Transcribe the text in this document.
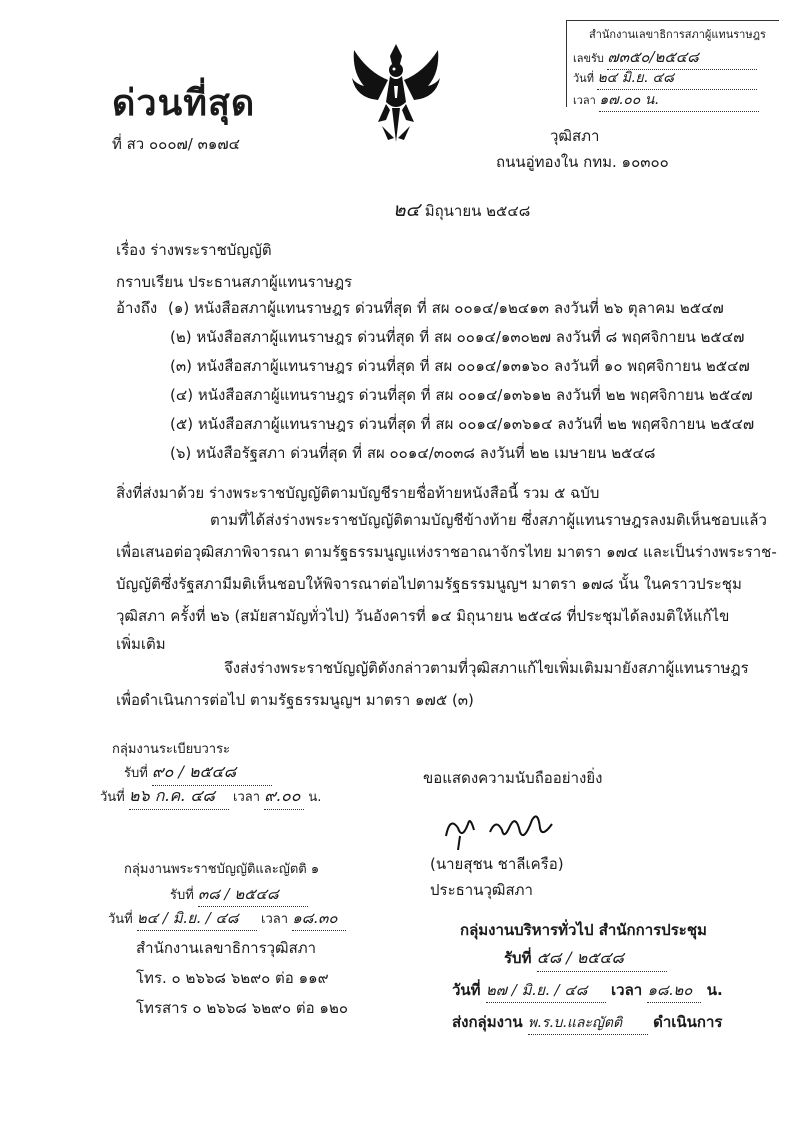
ด่วนที่สุด
ที่ สว ๐๐๐๗/ ๓๑๗๔
สำนักงานเลขาธิการสภาผู้แทนราษฎร
เลขรับ ๗๓๕๐/๒๕๔๘
วันที่ ๒๔ มิ.ย. ๔๘
เวลา ๑๗.๐๐ น.
วุฒิสภา
ถนนอู่ทองใน กทม. ๑๐๓๐๐
๒๔ มิถุนายน ๒๕๔๘
เรื่อง ร่างพระราชบัญญัติ
กราบเรียน ประธานสภาผู้แทนราษฎร
อ้างถึง (๑) หนังสือสภาผู้แทนราษฎร ด่วนที่สุด ที่ สผ ๐๐๑๔/๑๒๔๑๓ ลงวันที่ ๒๖ ตุลาคม ๒๕๔๗
(๒) หนังสือสภาผู้แทนราษฎร ด่วนที่สุด ที่ สผ ๐๐๑๔/๑๓๐๒๗ ลงวันที่ ๘ พฤศจิกายน ๒๕๔๗
(๓) หนังสือสภาผู้แทนราษฎร ด่วนที่สุด ที่ สผ ๐๐๑๔/๑๓๑๖๐ ลงวันที่ ๑๐ พฤศจิกายน ๒๕๔๗
(๔) หนังสือสภาผู้แทนราษฎร ด่วนที่สุด ที่ สผ ๐๐๑๔/๑๓๖๑๒ ลงวันที่ ๒๒ พฤศจิกายน ๒๕๔๗
(๕) หนังสือสภาผู้แทนราษฎร ด่วนที่สุด ที่ สผ ๐๐๑๔/๑๓๖๑๔ ลงวันที่ ๒๒ พฤศจิกายน ๒๕๔๗
(๖) หนังสือรัฐสภา ด่วนที่สุด ที่ สผ ๐๐๑๔/๓๐๓๘ ลงวันที่ ๒๒ เมษายน ๒๕๔๘
สิ่งที่ส่งมาด้วย ร่างพระราชบัญญัติตามบัญชีรายชื่อท้ายหนังสือนี้ รวม ๕ ฉบับ
ตามที่ได้ส่งร่างพระราชบัญญัติตามบัญชีข้างท้าย ซึ่งสภาผู้แทนราษฎรลงมติเห็นชอบแล้ว
เพื่อเสนอต่อวุฒิสภาพิจารณา ตามรัฐธรรมนูญแห่งราชอาณาจักรไทย มาตรา ๑๗๔ และเป็นร่างพระราช-
บัญญัติซึ่งรัฐสภามีมติเห็นชอบให้พิจารณาต่อไปตามรัฐธรรมนูญฯ มาตรา ๑๗๘ นั้น ในคราวประชุม
วุฒิสภา ครั้งที่ ๒๖ (สมัยสามัญทั่วไป) วันอังคารที่ ๑๔ มิถุนายน ๒๕๔๘ ที่ประชุมได้ลงมติให้แก้ไข
เพิ่มเติม
จึงส่งร่างพระราชบัญญัติดังกล่าวตามที่วุฒิสภาแก้ไขเพิ่มเติมมายังสภาผู้แทนราษฎร
เพื่อดำเนินการต่อไป ตามรัฐธรรมนูญฯ มาตรา ๑๗๕ (๓)
กลุ่มงานระเบียบวาระ
รับที่ ๙๐ / ๒๕๔๘
วันที่ ๒๖ ก.ค. ๔๘ เวลา ๙.๐๐ น.
ขอแสดงความนับถืออย่างยิ่ง
(นายสุชน ชาลีเครือ)
ประธานวุฒิสภา
กลุ่มงานพระราชบัญญัติและญัตติ ๑
รับที่ ๓๘ / ๒๕๔๘
วันที่ ๒๔ / มิ.ย. / ๔๘ เวลา ๑๘.๓๐
สำนักงานเลขาธิการวุฒิสภา
โทร. ๐ ๒๖๖๘ ๖๒๙๐ ต่อ ๑๑๙
โทรสาร ๐ ๒๖๖๘ ๖๒๙๐ ต่อ ๑๒๐
กลุ่มงานบริหารทั่วไป สำนักการประชุม
รับที่ ๕๘ / ๒๕๔๘
วันที่ ๒๗ / มิ.ย. / ๔๘ เวลา ๑๘.๒๐ น.
ส่งกลุ่มงาน พ.ร.บ.และญัตติ ดำเนินการ
